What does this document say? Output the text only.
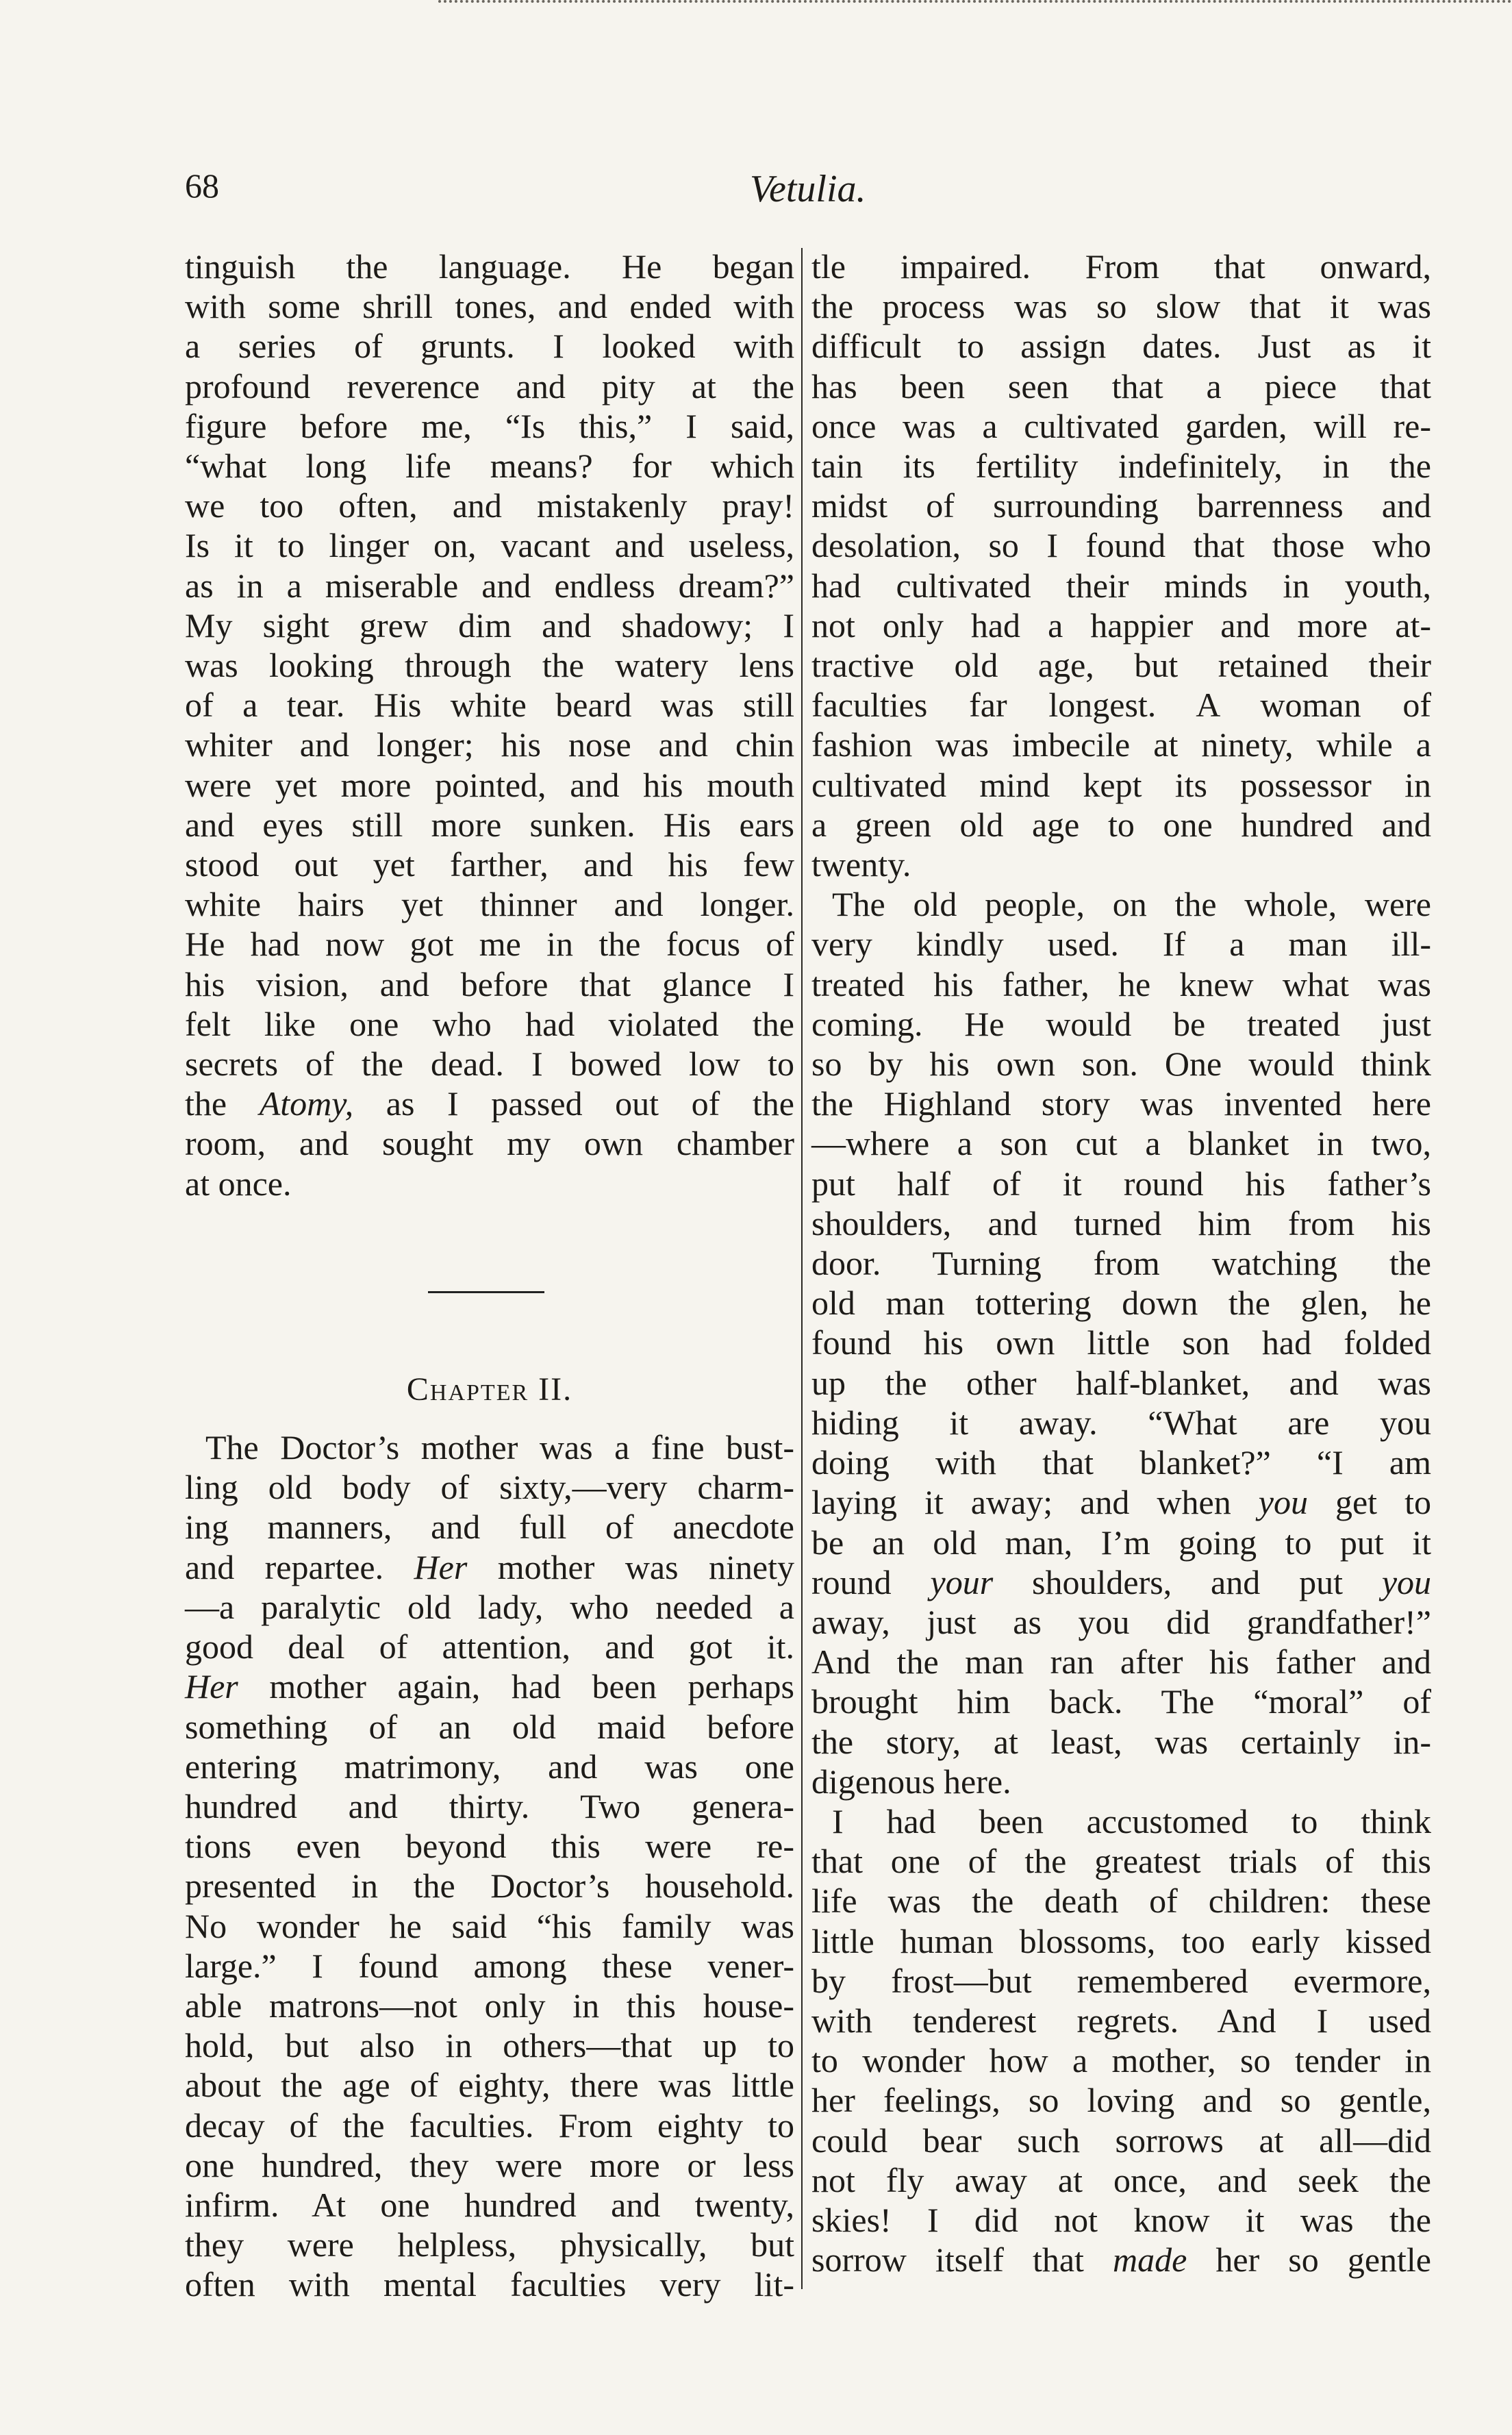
68	Vetulia.
tinguish the language. He began
with some shrill tones, and ended with
a series of grunts. I looked with
profound reverence and pity at the
figure before me, “Is this,” I said,
“what long life means? for which
we too often, and mistakenly pray!
Is it to linger on, vacant and useless,
as in a miserable and endless dream?”
My sight grew dim and shadowy; I
was looking through the watery lens
of a tear. His white beard was still
whiter and longer; his nose and chin
were yet more pointed, and his mouth
and eyes still more sunken. His ears
stood out yet farther, and his few
white hairs yet thinner and longer.
He had now got me in the focus of
his vision, and before that glance I
felt like one who had violated the
secrets of the dead. I bowed low to
the Atomy, as I passed out of the
room, and sought my own chamber
at once.
Chapter II.
The Doctor’s mother was a fine bust-
ling old body of sixty,—very charm-
ing manners, and full of anecdote
and repartee. Her mother was ninety
—a paralytic old lady, who needed a
good deal of attention, and got it.
Her mother again, had been perhaps
something of an old maid before
entering matrimony, and was one
hundred and thirty. Two genera-
tions even beyond this were re-
presented in the Doctor’s household.
No wonder he said “his family was
large.” I found among these vener-
able matrons—not only in this house-
hold, but also in others—that up to
about the age of eighty, there was little
decay of the faculties. From eighty to
one hundred, they were more or less
infirm. At one hundred and twenty,
they were helpless, physically, but
often with mental faculties very lit-
tle impaired. From that onward,
the process was so slow that it was
difficult to assign dates. Just as it
has been seen that a piece that
once was a cultivated garden, will re-
tain its fertility indefinitely, in the
midst of surrounding barrenness and
desolation, so I found that those who
had cultivated their minds in youth,
not only had a happier and more at-
tractive old age, but retained their
faculties far longest. A woman of
fashion was imbecile at ninety, while a
cultivated mind kept its possessor in
a green old age to one hundred and
twenty.
The old people, on the whole, were
very kindly used. If a man ill-
treated his father, he knew what was
coming. He would be treated just
so by his own son. One would think
the Highland story was invented here
—where a son cut a blanket in two,
put half of it round his father’s
shoulders, and turned him from his
door. Turning from watching the
old man tottering down the glen, he
found his own little son had folded
up the other half-blanket, and was
hiding it away. “What are you
doing with that blanket?” “I am
laying it away; and when you get to
be an old man, I’m going to put it
round your shoulders, and put you
away, just as you did grandfather!”
And the man ran after his father and
brought him back. The “moral” of
the story, at least, was certainly in-
digenous here.
I had been accustomed to think
that one of the greatest trials of this
life was the death of children: these
little human blossoms, too early kissed
by frost—but remembered evermore,
with tenderest regrets. And I used
to wonder how a mother, so tender in
her feelings, so loving and so gentle,
could bear such sorrows at all—did
not fly away at once, and seek the
skies! I did not know it was the
sorrow itself that made her so gentle
